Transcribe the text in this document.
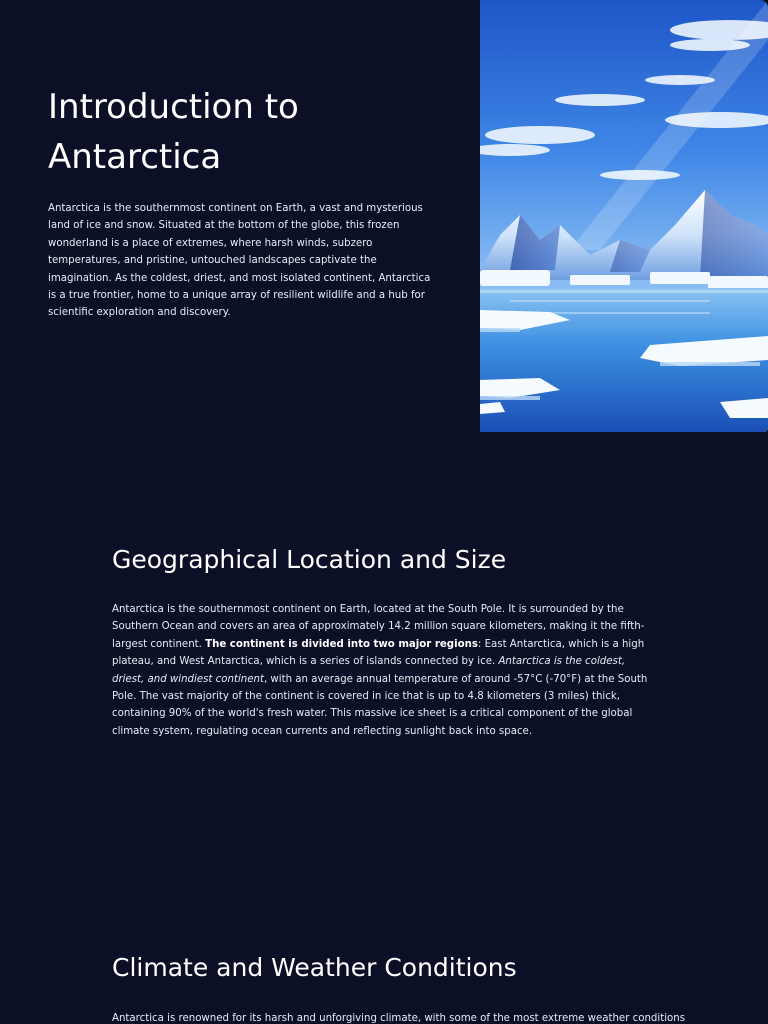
Introduction to Antarctica

Antarctica is the southernmost continent on Earth, a vast and mysterious land of ice and snow. Situated at the bottom of the globe, this frozen wonderland is a place of extremes, where harsh winds, subzero temperatures, and pristine, untouched landscapes captivate the imagination. As the coldest, driest, and most isolated continent, Antarctica is a true frontier, home to a unique array of resilient wildlife and a hub for scientific exploration and discovery.

Geographical Location and Size

Antarctica is the southernmost continent on Earth, located at the South Pole. It is surrounded by the Southern Ocean and covers an area of approximately 14.2 million square kilometers, making it the fifth-largest continent. The continent is divided into two major regions: East Antarctica, which is a high plateau, and West Antarctica, which is a series of islands connected by ice. Antarctica is the coldest, driest, and windiest continent, with an average annual temperature of around -57°C (-70°F) at the South Pole. The vast majority of the continent is covered in ice that is up to 4.8 kilometers (3 miles) thick, containing 90% of the world's fresh water. This massive ice sheet is a critical component of the global climate system, regulating ocean currents and reflecting sunlight back into space.

Climate and Weather Conditions

Antarctica is renowned for its harsh and unforgiving climate, with some of the most extreme weather conditions
